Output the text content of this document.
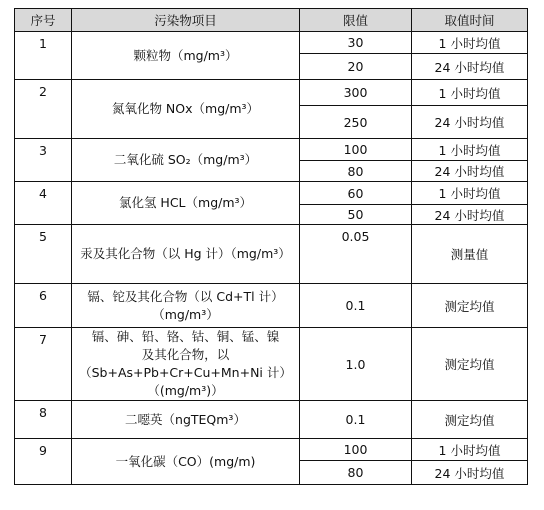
序号	污染物项目	限值	取值时间
1	颗粒物（mg/m³）	30	1 小时均值
		20	24 小时均值
2	氮氧化物 NOx（mg/m³）	300	1 小时均值
		250	24 小时均值
3	二氧化硫 SO₂（mg/m³）	100	1 小时均值
		80	24 小时均值
4	氯化氢 HCL（mg/m³）	60	1 小时均值
		50	24 小时均值
5	汞及其化合物（以 Hg 计）（mg/m³）	0.05	测量值
6	镉、铊及其化合物（以 Cd+Tl 计）
（mg/m³）	0.1	测定均值
7	镉、砷、铅、铬、钴、铜、锰、镍
及其化合物，以
（Sb+As+Pb+Cr+Cu+Mn+Ni 计）
（(mg/m³)）	1.0	测定均值
8	二噁英（ngTEQm³）	0.1	测定均值
9	一氧化碳（CO）(mg/m)	100	1 小时均值
		80	24 小时均值
